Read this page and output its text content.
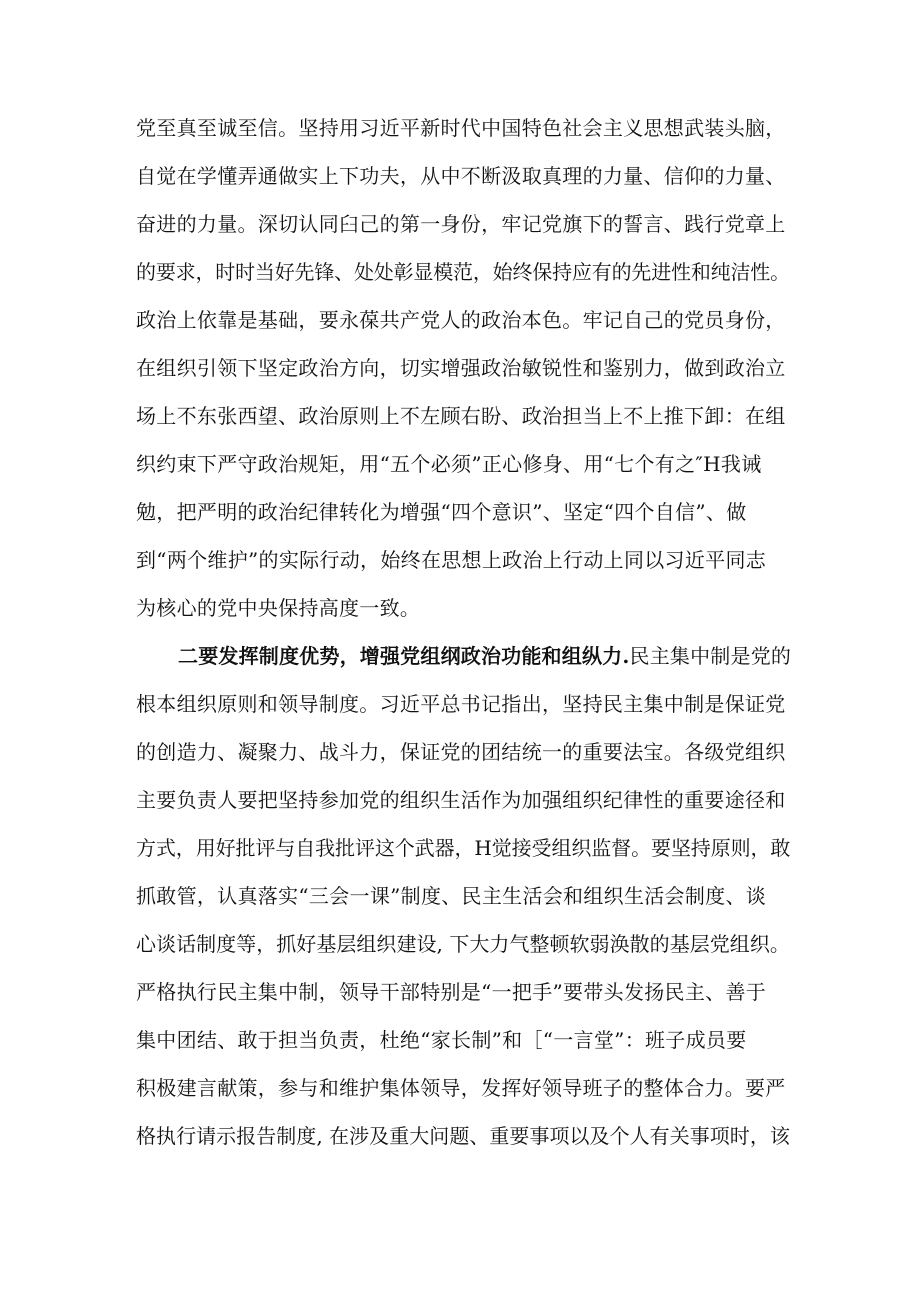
党至真至诚至信。坚持用习近平新时代中国特色社会主义思想武装头脑，
自觉在学懂弄通做实上下功夫，从中不断汲取真理的力量、信仰的力量、
奋进的力量。深切认同臼己的第一身份，牢记党旗下的誓言、践行党章上
的要求，时时当好先锋、处处彰显模范，始终保持应有的先进性和纯洁性。
政治上依靠是基础，要永葆共产党人的政治本色。牢记自己的党员身份，
在组织引领下坚定政治方向，切实增强政治敏锐性和鉴别力，做到政治立
场上不东张西望、政治原则上不左顾右盼、政治担当上不上推下卸：在组
织约束下严守政治规矩，用“五个必须”正心修身、用“七个有之″H我诫
勉，把严明的政治纪律转化为增强“四个意识”、坚定“四个自信”、做
到“两个维护”的实际行动，始终在思想上政治上行动上同以习近平同志
为核心的党中央保持高度一致。
二要发挥制度优势，增强党组纲政治功能和组纵力.民主集中制是党的
根本组织原则和领导制度。习近平总书记指出，坚持民主集中制是保证党
的创造力、凝聚力、战斗力，保证党的团结统一的重要法宝。各级党组织
主要负责人要把坚持参加党的组织生活作为加强组织纪律性的重要途径和
方式，用好批评与自我批评这个武器，H觉接受组织监督。要坚持原则，敢
抓敢管，认真落实“三会一课”制度、民主生活会和组织生活会制度、谈
心谈话制度等，抓好基层组织建设, 下大力气整顿软弱涣散的基层党组织。
严格执行民主集中制，领导干部特别是“一把手”要带头发扬民主、善于
集中团结、敢于担当负责，杜绝“家长制”和［“一言堂”：班子成员要
积极建言献策，参与和维护集体领导，发挥好领导班子的整体合力。要严
格执行请示报告制度, 在涉及重大问题、重要事项以及个人有关事项时，该
